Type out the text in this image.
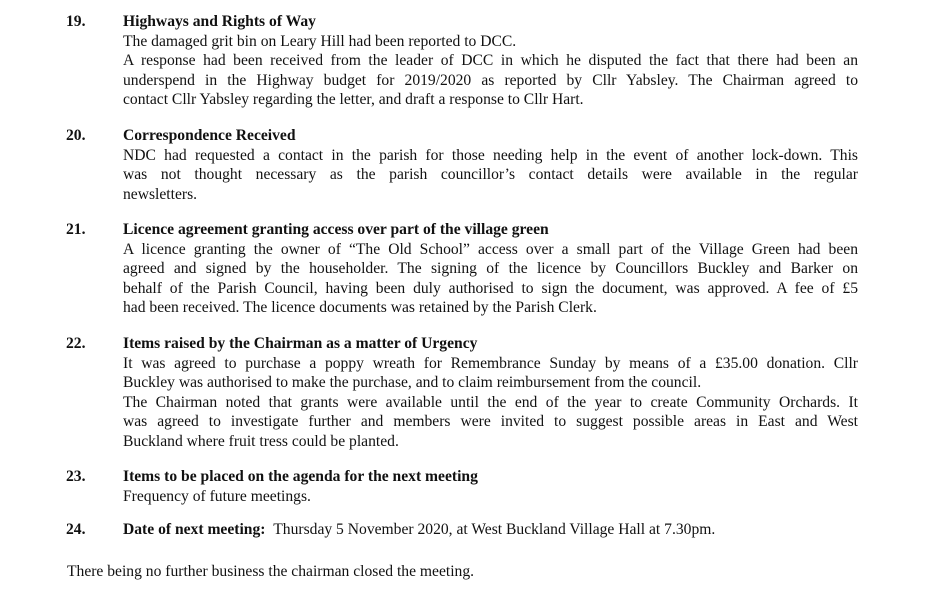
19. Highways and Rights of Way
The damaged grit bin on Leary Hill had been reported to DCC.
A response had been received from the leader of DCC in which he disputed the fact that there had been an
underspend in the Highway budget for 2019/2020 as reported by Cllr Yabsley. The Chairman agreed to
contact Cllr Yabsley regarding the letter, and draft a response to Cllr Hart.
20. Correspondence Received
NDC had requested a contact in the parish for those needing help in the event of another lock-down. This
was not thought necessary as the parish councillor’s contact details were available in the regular
newsletters.
21. Licence agreement granting access over part of the village green
A licence granting the owner of “The Old School” access over a small part of the Village Green had been
agreed and signed by the householder. The signing of the licence by Councillors Buckley and Barker on
behalf of the Parish Council, having been duly authorised to sign the document, was approved. A fee of £5
had been received. The licence documents was retained by the Parish Clerk.
22. Items raised by the Chairman as a matter of Urgency
It was agreed to purchase a poppy wreath for Remembrance Sunday by means of a £35.00 donation. Cllr
Buckley was authorised to make the purchase, and to claim reimbursement from the council.
The Chairman noted that grants were available until the end of the year to create Community Orchards. It
was agreed to investigate further and members were invited to suggest possible areas in East and West
Buckland where fruit tress could be planted.
23. Items to be placed on the agenda for the next meeting
Frequency of future meetings.
24. Date of next meeting: Thursday 5 November 2020, at West Buckland Village Hall at 7.30pm.
There being no further business the chairman closed the meeting.
